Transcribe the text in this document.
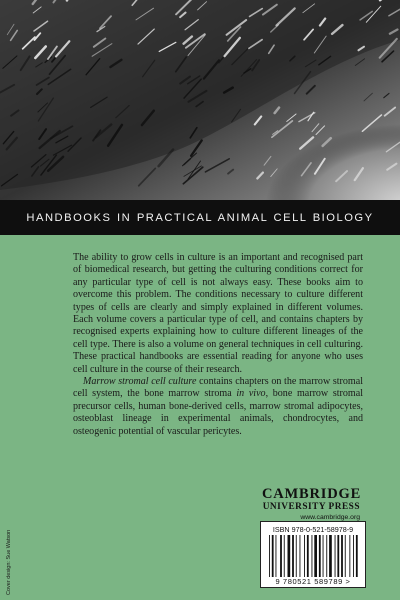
HANDBOOKS IN PRACTICAL ANIMAL CELL BIOLOGY

The ability to grow cells in culture is an important and recognised part of biomedical research, but getting the culturing conditions correct for any particular type of cell is not always easy. These books aim to overcome this problem. The conditions necessary to culture different types of cells are clearly and simply explained in different volumes. Each volume covers a particular type of cell, and contains chapters by recognised experts explaining how to culture different lineages of the cell type. There is also a volume on general techniques in cell culturing. These practical handbooks are essential reading for anyone who uses cell culture in the course of their research.

Marrow stromal cell culture contains chapters on the marrow stromal cell system, the bone marrow stroma in vivo, bone marrow stromal precursor cells, human bone-derived cells, marrow stromal adipocytes, osteoblast lineage in experimental animals, chondrocytes, and osteogenic potential of vascular pericytes.

Cover design: Sue Watson
CAMBRIDGE
UNIVERSITY PRESS
www.cambridge.org
ISBN 978-0-521-58978-9
9 780521 589789 >
